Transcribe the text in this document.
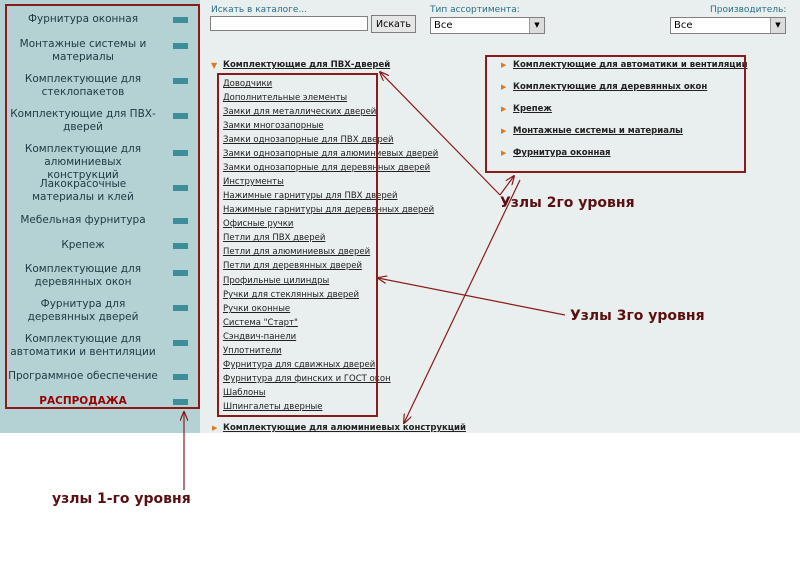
Фурнитура оконная
Монтажные системы и материалы
Комплектующие для стеклопакетов
Комплектующие для ПВХ-дверей
Комплектующие для алюминиевых конструкций
Лакокрасочные материалы и клей
Мебельная фурнитура
Крепеж
Комплектующие для деревянных окон
Фурнитура для деревянных дверей
Комплектующие для автоматики и вентиляции
Программное обеспечение
РАСПРОДАЖА
Искать в каталоге...
Искать
Тип ассортимента:
Все	▼
Производитель:
Все	▼
▼ Комплектующие для ПВХ-дверей
Доводчики
Дополнительные элементы
Замки для металлических дверей
Замки многозапорные
Замки однозапорные для ПВХ дверей
Замки однозапорные для алюминиевых дверей
Замки однозапорные для деревянных дверей
Инструменты
Нажимные гарнитуры для ПВХ дверей
Нажимные гарнитуры для деревянных дверей
Офисные ручки
Петли для ПВХ дверей
Петли для алюминиевых дверей
Петли для деревянных дверей
Профильные цилиндры
Ручки для стеклянных дверей
Ручки оконные
Система "Старт"
Сэндвич-панели
Уплотнители
Фурнитура для сдвижных дверей
Фурнитура для финских и ГОСТ окон
Шаблоны
Шпингалеты дверные
▶ Комплектующие для алюминиевых конструкций
▶ Комплектующие для автоматики и вентиляции
▶ Комплектующие для деревянных окон
▶ Крепеж
▶ Монтажные системы и материалы
▶ Фурнитура оконная
Узлы 2го уровня
Узлы 3го уровня
узлы 1-го уровня
